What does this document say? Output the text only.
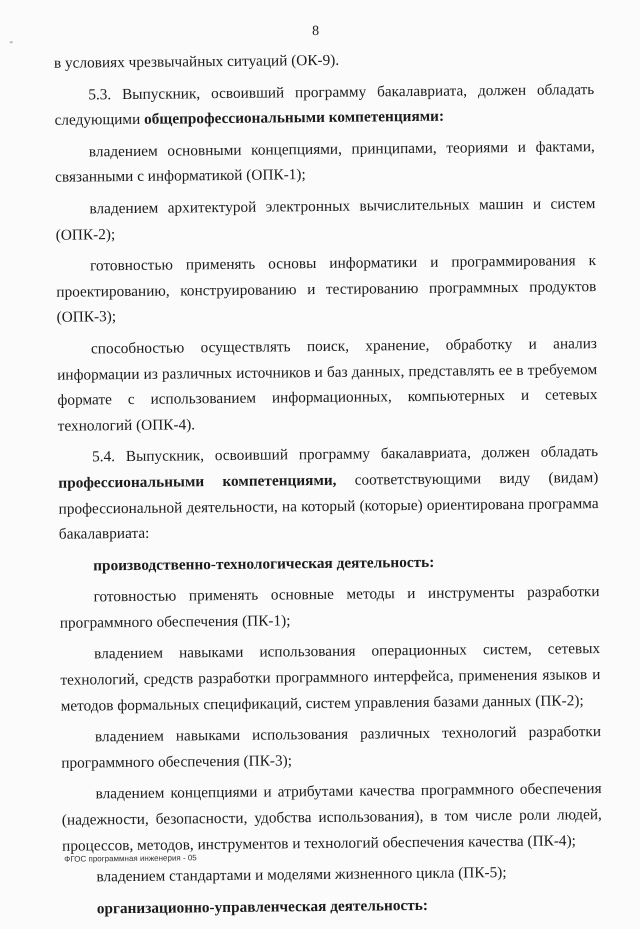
8

в условиях чрезвычайных ситуаций (ОК-9).

5.3. Выпускник, освоивший программу бакалавриата, должен обладать следующими общепрофессиональными компетенциями:

владением основными концепциями, принципами, теориями и фактами, связанными с информатикой (ОПК-1);

владением архитектурой электронных вычислительных машин и систем (ОПК-2);

готовностью применять основы информатики и программирования к проектированию, конструированию и тестированию программных продуктов (ОПК-3);

способностью осуществлять поиск, хранение, обработку и анализ информации из различных источников и баз данных, представлять ее в требуемом формате с использованием информационных, компьютерных и сетевых технологий (ОПК-4).

5.4. Выпускник, освоивший программу бакалавриата, должен обладать профессиональными компетенциями, соответствующими виду (видам) профессиональной деятельности, на который (которые) ориентирована программа бакалавриата:

производственно-технологическая деятельность:

готовностью применять основные методы и инструменты разработки программного обеспечения (ПК-1);

владением навыками использования операционных систем, сетевых технологий, средств разработки программного интерфейса, применения языков и методов формальных спецификаций, систем управления базами данных (ПК-2);

владением навыками использования различных технологий разработки программного обеспечения (ПК-3);

владением концепциями и атрибутами качества программного обеспечения (надежности, безопасности, удобства использования), в том числе роли людей, процессов, методов, инструментов и технологий обеспечения качества (ПК-4);

владением стандартами и моделями жизненного цикла (ПК-5);

организационно-управленческая деятельность:

ФГОС программная инженерия - 05
